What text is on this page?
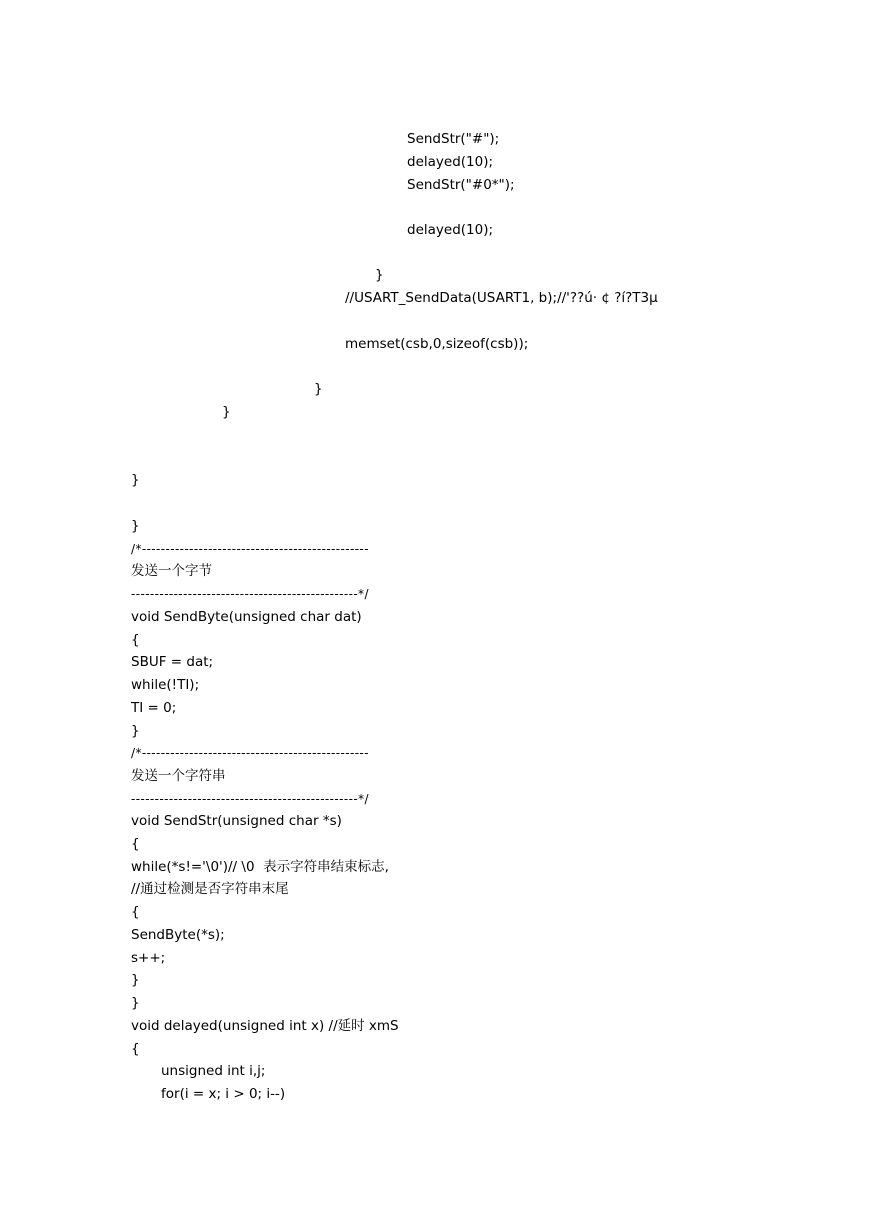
SendStr("#");
delayed(10);
SendStr("#0*");
delayed(10);
}
//USART_SendData(USART1, b);//'??ú· ¢ ?í?T3µ
memset(csb,0,sizeof(csb));
}
}
}
}
/*------------------------------------------------
发送一个字节
------------------------------------------------*/
void SendByte(unsigned char dat)
{
SBUF = dat;
while(!TI);
TI = 0;
}
/*------------------------------------------------
发送一个字符串
------------------------------------------------*/
void SendStr(unsigned char *s)
{
while(*s!='\0')// \0  表示字符串结束标志,
//通过检测是否字符串末尾
{
SendByte(*s);
s++;
}
}
void delayed(unsigned int x) //延时 xmS
{
unsigned int i,j;
for(i = x; i > 0; i--)
